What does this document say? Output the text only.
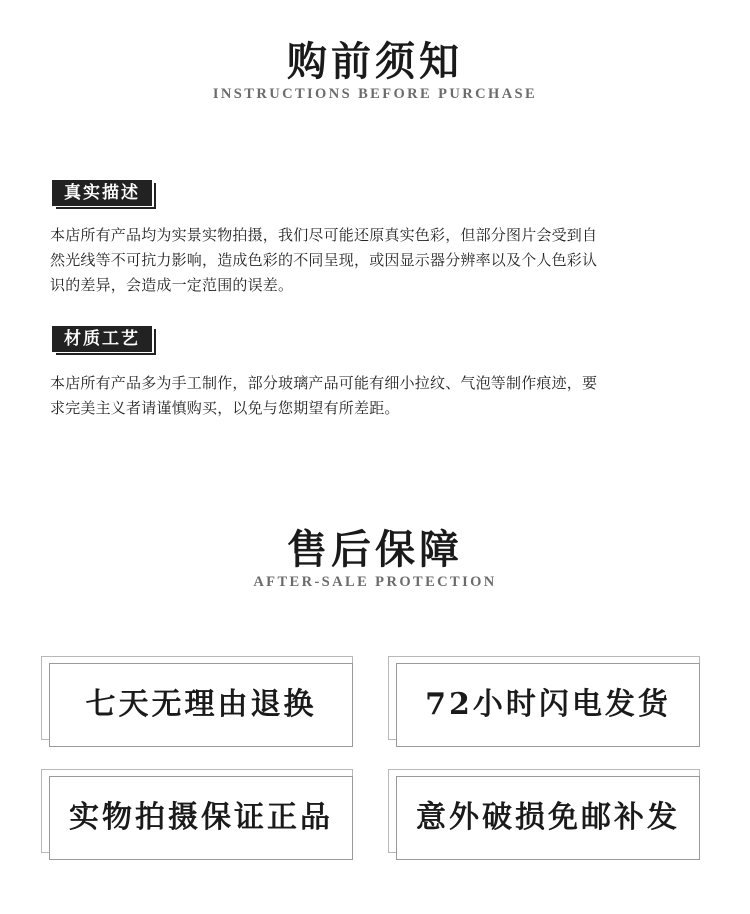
购前须知
INSTRUCTIONS BEFORE PURCHASE
真实描述
本店所有产品均为实景实物拍摄，我们尽可能还原真实色彩，但部分图片会受到自
然光线等不可抗力影响，造成色彩的不同呈现，或因显示器分辨率以及个人色彩认
识的差异，会造成一定范围的误差。
材质工艺
本店所有产品多为手工制作，部分玻璃产品可能有细小拉纹、气泡等制作痕迹，要
求完美主义者请谨慎购买，以免与您期望有所差距。
售后保障
AFTER-SALE PROTECTION
七天无理由退换	72小时闪电发货
实物拍摄保证正品	意外破损免邮补发
